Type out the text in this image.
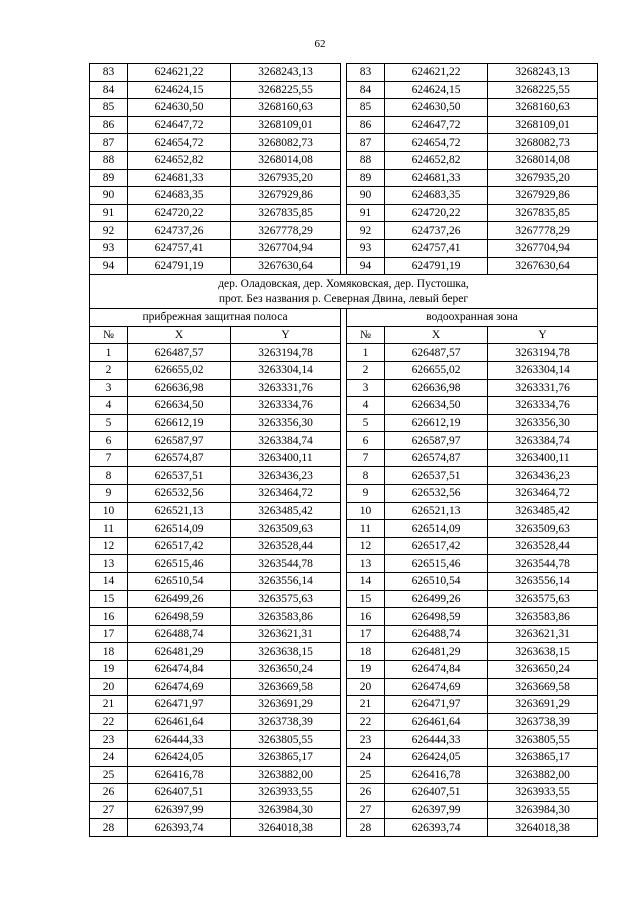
62
83	624621,22	3268243,13		83	624621,22	3268243,13
84	624624,15	3268225,55		84	624624,15	3268225,55
85	624630,50	3268160,63		85	624630,50	3268160,63
86	624647,72	3268109,01		86	624647,72	3268109,01
87	624654,72	3268082,73		87	624654,72	3268082,73
88	624652,82	3268014,08		88	624652,82	3268014,08
89	624681,33	3267935,20		89	624681,33	3267935,20
90	624683,35	3267929,86		90	624683,35	3267929,86
91	624720,22	3267835,85		91	624720,22	3267835,85
92	624737,26	3267778,29		92	624737,26	3267778,29
93	624757,41	3267704,94		93	624757,41	3267704,94
94	624791,19	3267630,64		94	624791,19	3267630,64

дер. Оладовская, дер. Хомяковская, дер. Пустошка,
прот. Без названия р. Северная Двина, левый берег						

прибрежная защитная полоса				водоохранная зона		
№	X	Y		№	X	Y
1	626487,57	3263194,78		1	626487,57	3263194,78
2	626655,02	3263304,14		2	626655,02	3263304,14
3	626636,98	3263331,76		3	626636,98	3263331,76
4	626634,50	3263334,76		4	626634,50	3263334,76
5	626612,19	3263356,30		5	626612,19	3263356,30
6	626587,97	3263384,74		6	626587,97	3263384,74
7	626574,87	3263400,11		7	626574,87	3263400,11
8	626537,51	3263436,23		8	626537,51	3263436,23
9	626532,56	3263464,72		9	626532,56	3263464,72
10	626521,13	3263485,42		10	626521,13	3263485,42
11	626514,09	3263509,63		11	626514,09	3263509,63
12	626517,42	3263528,44		12	626517,42	3263528,44
13	626515,46	3263544,78		13	626515,46	3263544,78
14	626510,54	3263556,14		14	626510,54	3263556,14
15	626499,26	3263575,63		15	626499,26	3263575,63
16	626498,59	3263583,86		16	626498,59	3263583,86
17	626488,74	3263621,31		17	626488,74	3263621,31
18	626481,29	3263638,15		18	626481,29	3263638,15
19	626474,84	3263650,24		19	626474,84	3263650,24
20	626474,69	3263669,58		20	626474,69	3263669,58
21	626471,97	3263691,29		21	626471,97	3263691,29
22	626461,64	3263738,39		22	626461,64	3263738,39
23	626444,33	3263805,55		23	626444,33	3263805,55
24	626424,05	3263865,17		24	626424,05	3263865,17
25	626416,78	3263882,00		25	626416,78	3263882,00
26	626407,51	3263933,55		26	626407,51	3263933,55
27	626397,99	3263984,30		27	626397,99	3263984,30
28	626393,74	3264018,38		28	626393,74	3264018,38
